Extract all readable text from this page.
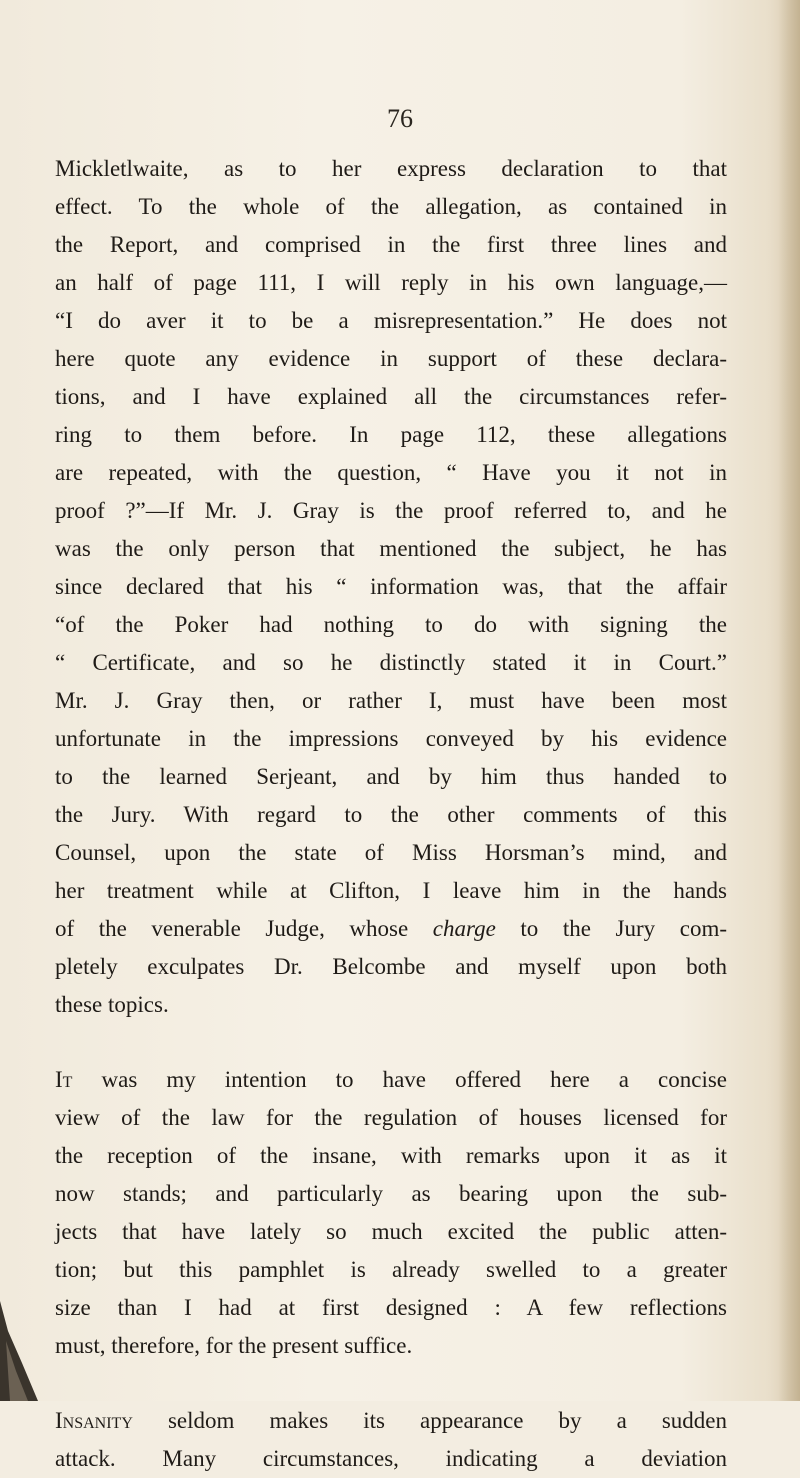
76
Mickletlwaite, as to her express declaration to that
effect. To the whole of the allegation, as contained in
the Report, and comprised in the first three lines and
an half of page 111, I will reply in his own language,—
“I do aver it to be a misrepresentation.” He does not
here quote any evidence in support of these declara-
tions, and I have explained all the circumstances refer-
ring to them before. In page 112, these allegations
are repeated, with the question, “ Have you it not in
proof ?”—If Mr. J. Gray is the proof referred to, and he
was the only person that mentioned the subject, he has
since declared that his “ information was, that the affair
“of the Poker had nothing to do with signing the
“ Certificate, and so he distinctly stated it in Court.”
Mr. J. Gray then, or rather I, must have been most
unfortunate in the impressions conveyed by his evidence
to the learned Serjeant, and by him thus handed to
the Jury. With regard to the other comments of this
Counsel, upon the state of Miss Horsman’s mind, and
her treatment while at Clifton, I leave him in the hands
of the venerable Judge, whose charge to the Jury com-
pletely exculpates Dr. Belcombe and myself upon both
these topics.
It was my intention to have offered here a concise
view of the law for the regulation of houses licensed for
the reception of the insane, with remarks upon it as it
now stands; and particularly as bearing upon the sub-
jects that have lately so much excited the public atten-
tion; but this pamphlet is already swelled to a greater
size than I had at first designed : A few reflections
must, therefore, for the present suffice.
Insanity seldom makes its appearance by a sudden
attack. Many circumstances, indicating a deviation
